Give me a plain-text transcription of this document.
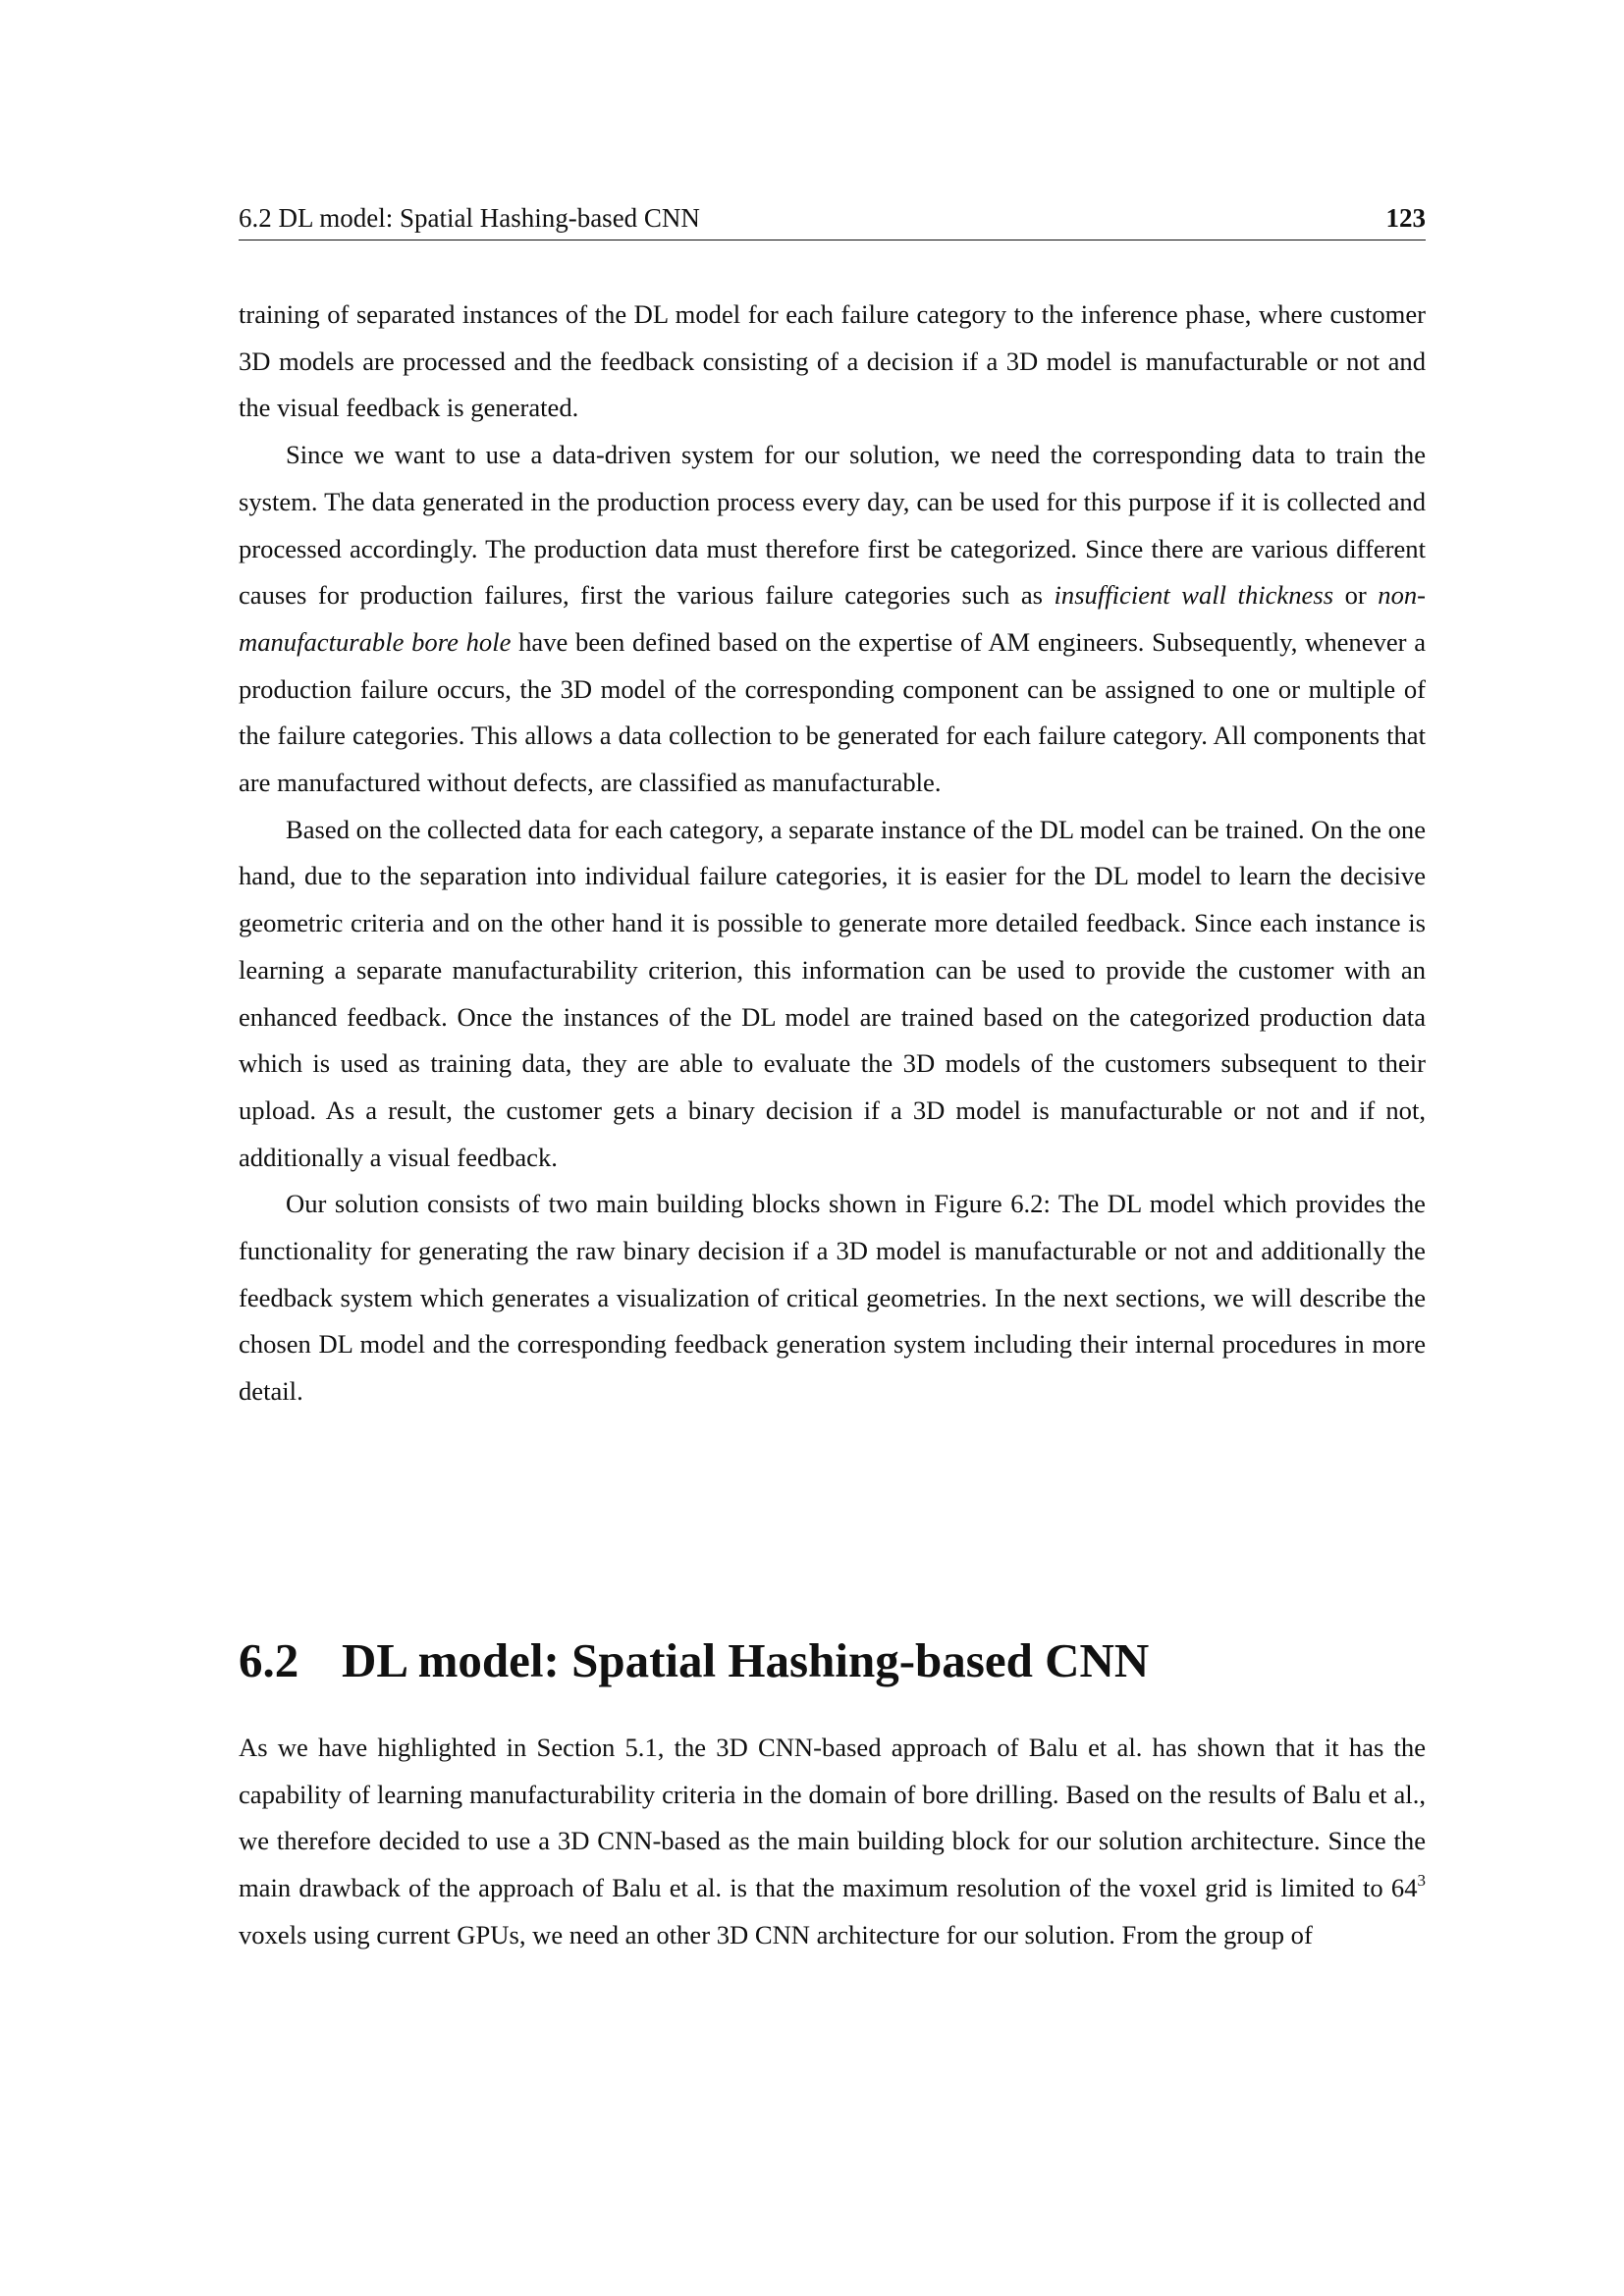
6.2 DL model: Spatial Hashing-based CNN	123

training of separated instances of the DL model for each failure category to the inference phase, where customer 3D models are processed and the feedback consisting of a decision if a 3D model is manufacturable or not and the visual feedback is generated.

Since we want to use a data-driven system for our solution, we need the corresponding data to train the system. The data generated in the production process every day, can be used for this purpose if it is collected and processed accordingly. The production data must therefore first be categorized. Since there are various different causes for production failures, first the various failure categories such as insufficient wall thickness or non-manufacturable bore hole have been defined based on the expertise of AM engineers. Subsequently, whenever a production failure occurs, the 3D model of the corresponding component can be assigned to one or multiple of the failure categories. This allows a data collection to be generated for each failure category. All components that are manufactured without defects, are classified as manufacturable.

Based on the collected data for each category, a separate instance of the DL model can be trained. On the one hand, due to the separation into individual failure categories, it is easier for the DL model to learn the decisive geometric criteria and on the other hand it is possible to generate more detailed feedback. Since each instance is learning a separate manufacturability criterion, this information can be used to provide the customer with an enhanced feedback. Once the instances of the DL model are trained based on the categorized production data which is used as training data, they are able to evaluate the 3D models of the customers subsequent to their upload. As a result, the customer gets a binary decision if a 3D model is manufacturable or not and if not, additionally a visual feedback.

Our solution consists of two main building blocks shown in Figure 6.2: The DL model which provides the functionality for generating the raw binary decision if a 3D model is manufacturable or not and additionally the feedback system which generates a visualization of critical geometries. In the next sections, we will describe the chosen DL model and the corresponding feedback generation system including their internal procedures in more detail.

6.2 DL model: Spatial Hashing-based CNN

As we have highlighted in Section 5.1, the 3D CNN-based approach of Balu et al. has shown that it has the capability of learning manufacturability criteria in the domain of bore drilling. Based on the results of Balu et al., we therefore decided to use a 3D CNN-based as the main building block for our solution architecture. Since the main drawback of the approach of Balu et al. is that the maximum resolution of the voxel grid is limited to $64^3$ voxels using current GPUs, we need an other 3D CNN architecture for our solution. From the group of
